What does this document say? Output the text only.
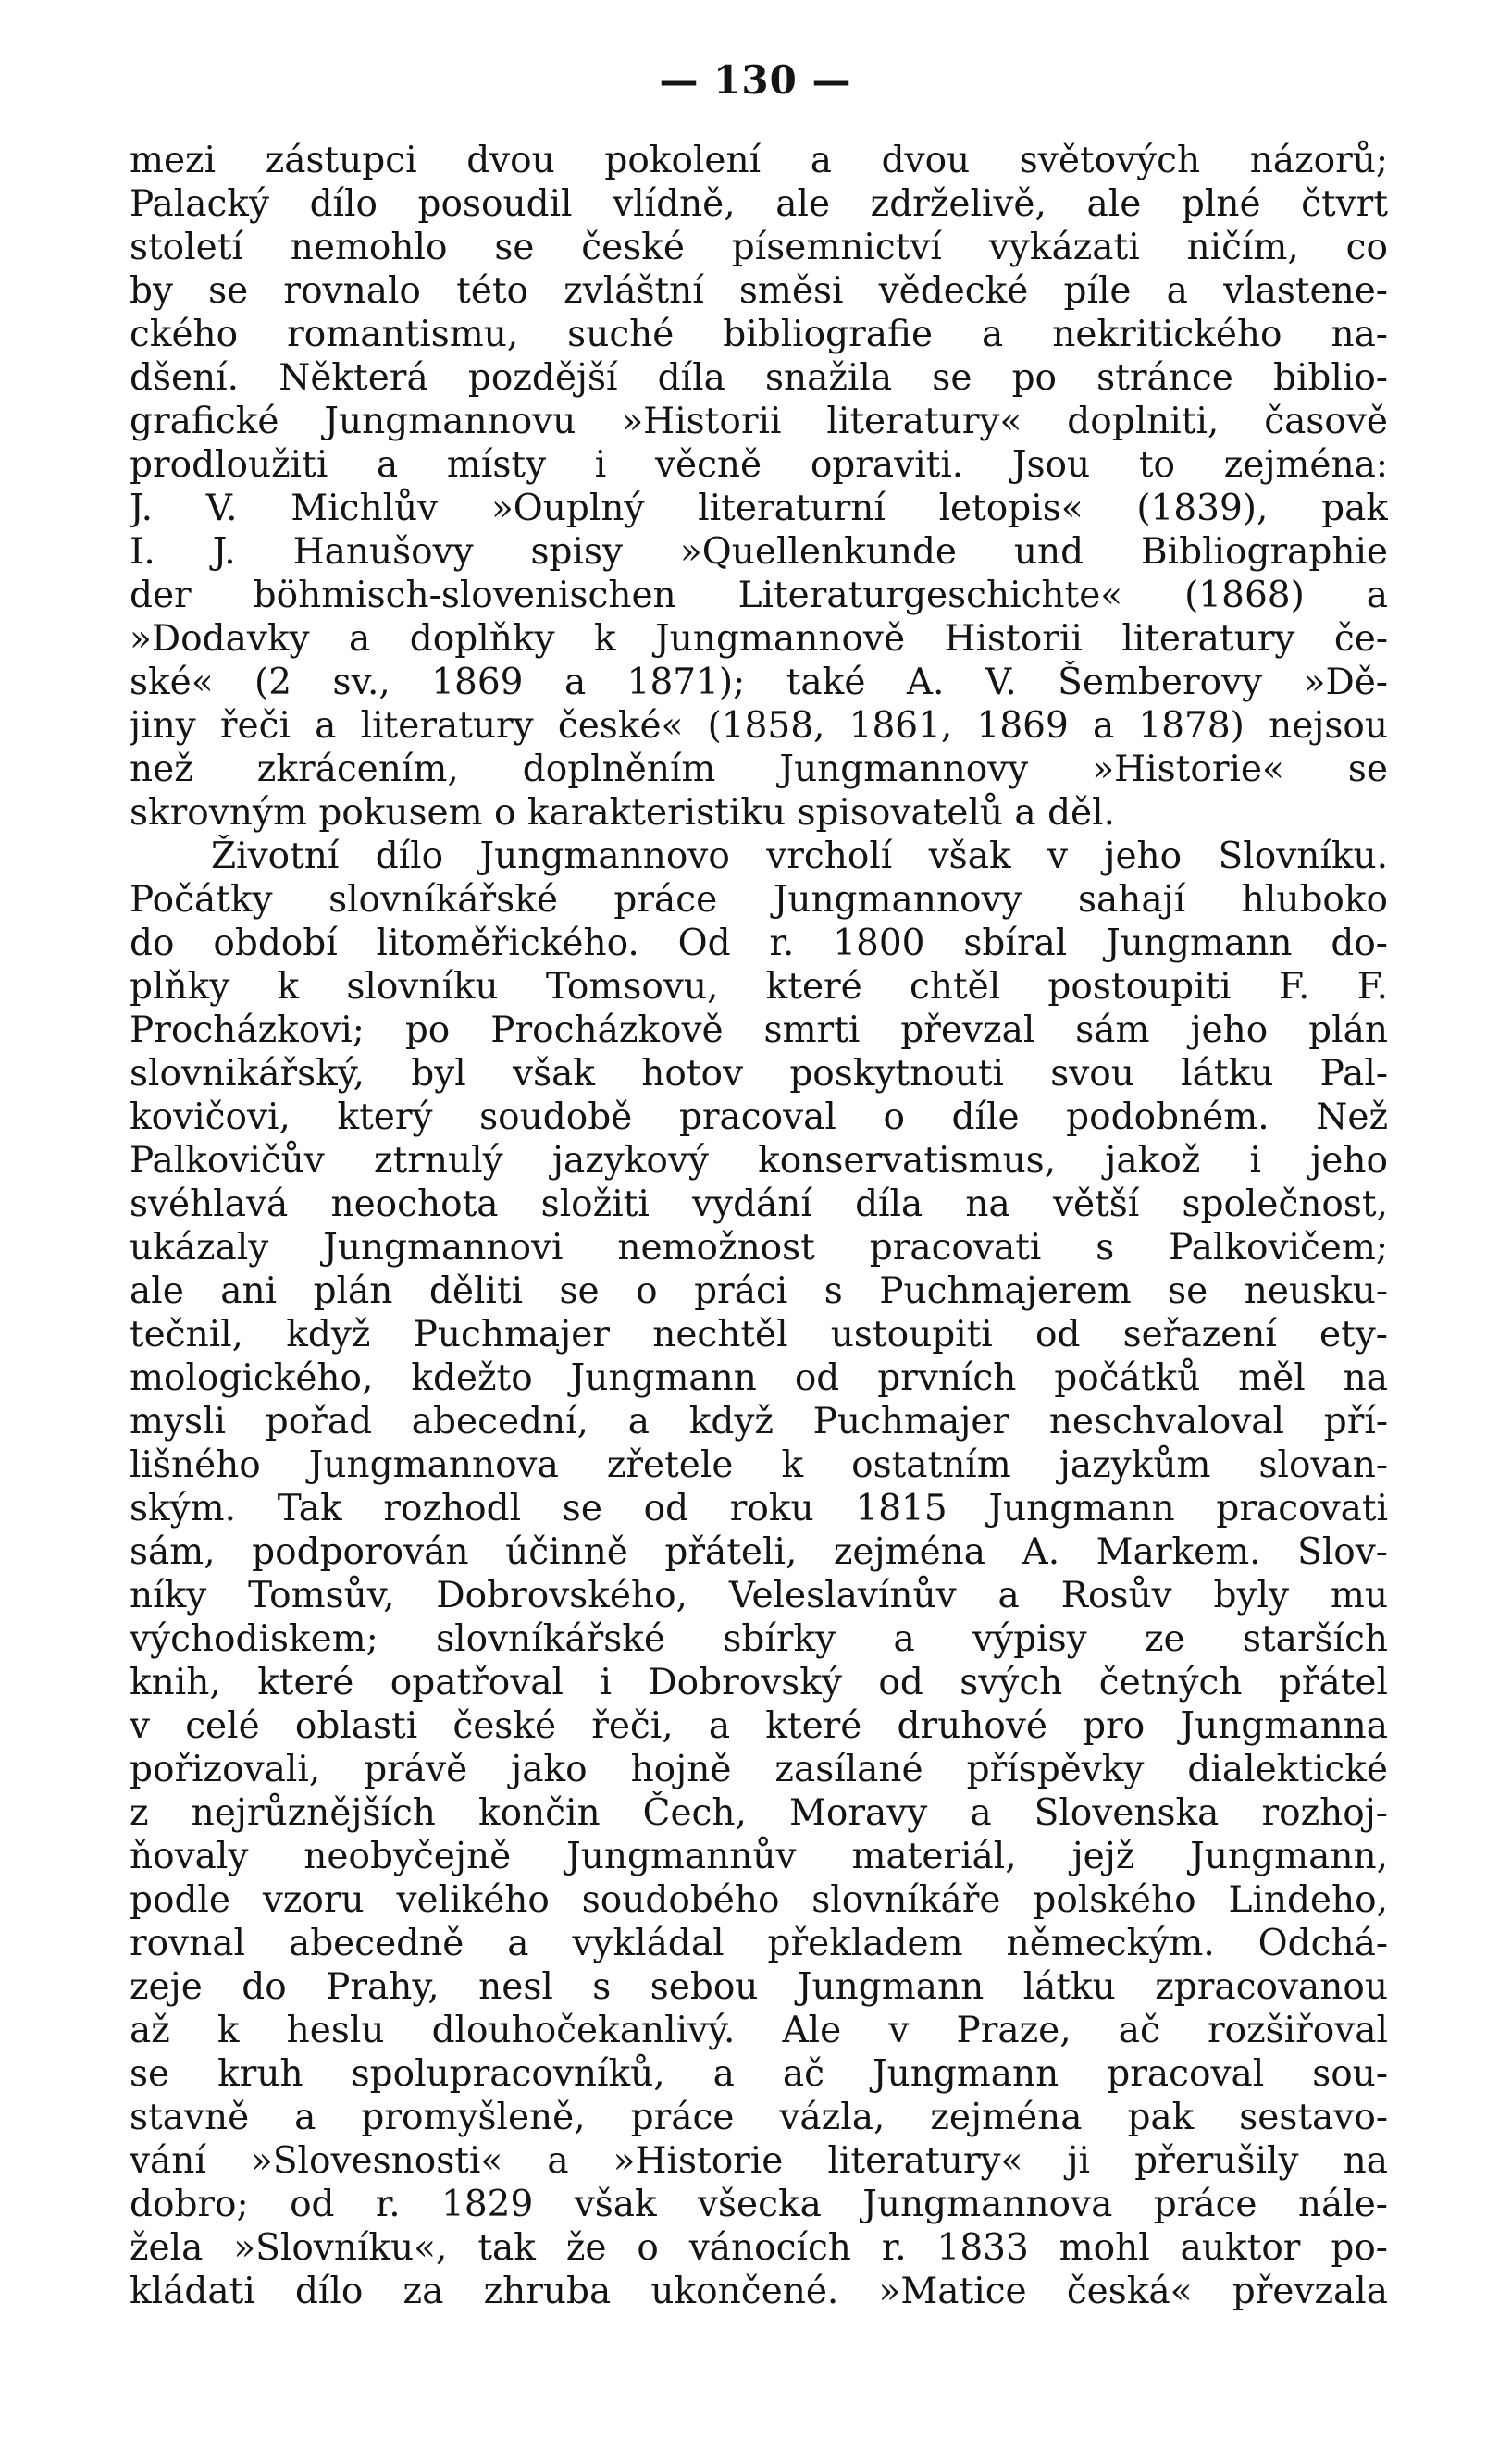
— 130 —
mezi zástupci dvou pokolení a dvou světových názorů;
Palacký dílo posoudil vlídně, ale zdrželivě, ale plné čtvrt
století nemohlo se české písemnictví vykázati ničím, co
by se rovnalo této zvláštní směsi vědecké píle a vlastene-
ckého romantismu, suché bibliografie a nekritického na-
dšení. Některá pozdější díla snažila se po stránce biblio-
grafické Jungmannovu »Historii literatury« doplniti, časově
prodloužiti a místy i věcně opraviti. Jsou to zejména:
J. V. Michlův »Ouplný literaturní letopis« (1839), pak
I. J. Hanušovy spisy »Quellenkunde und Bibliographie
der böhmisch-slovenischen Literaturgeschichte« (1868) a
»Dodavky a doplňky k Jungmannově Historii literatury če-
ské« (2 sv., 1869 a 1871); také A. V. Šemberovy »Dě-
jiny řeči a literatury české« (1858, 1861, 1869 a 1878) nejsou
než zkrácením, doplněním Jungmannovy »Historie« se
skrovným pokusem o karakteristiku spisovatelů a děl.
Životní dílo Jungmannovo vrcholí však v jeho Slovníku.
Počátky slovníkářské práce Jungmannovy sahají hluboko
do období litoměřického. Od r. 1800 sbíral Jungmann do-
plňky k slovníku Tomsovu, které chtěl postoupiti F. F.
Procházkovi; po Procházkově smrti převzal sám jeho plán
slovnikářský, byl však hotov poskytnouti svou látku Pal-
kovičovi, který soudobě pracoval o díle podobném. Než
Palkovičův ztrnulý jazykový konservatismus, jakož i jeho
svéhlavá neochota složiti vydání díla na větší společnost,
ukázaly Jungmannovi nemožnost pracovati s Palkovičem;
ale ani plán děliti se o práci s Puchmajerem se neusku-
tečnil, když Puchmajer nechtěl ustoupiti od seřazení ety-
mologického, kdežto Jungmann od prvních počátků měl na
mysli pořad abecední, a když Puchmajer neschvaloval pří-
lišného Jungmannova zřetele k ostatním jazykům slovan-
ským. Tak rozhodl se od roku 1815 Jungmann pracovati
sám, podporován účinně přáteli, zejména A. Markem. Slov-
níky Tomsův, Dobrovského, Veleslavínův a Rosův byly mu
východiskem; slovníkářské sbírky a výpisy ze starších
knih, které opatřoval i Dobrovský od svých četných přátel
v celé oblasti české řeči, a které druhové pro Jungmanna
pořizovali, právě jako hojně zasílané příspěvky dialektické
z nejrůznějších končin Čech, Moravy a Slovenska rozhoj-
ňovaly neobyčejně Jungmannův materiál, jejž Jungmann,
podle vzoru velikého soudobého slovníkáře polského Lindeho,
rovnal abecedně a vykládal překladem německým. Odchá-
zeje do Prahy, nesl s sebou Jungmann látku zpracovanou
až k heslu dlouhočekanlivý. Ale v Praze, ač rozšiřoval
se kruh spolupracovníků, a ač Jungmann pracoval sou-
stavně a promyšleně, práce vázla, zejména pak sestavo-
vání »Slovesnosti« a »Historie literatury« ji přerušily na
dobro; od r. 1829 však všecka Jungmannova práce nále-
žela »Slovníku«, tak že o vánocích r. 1833 mohl auktor po-
kládati dílo za zhruba ukončené. »Matice česká« převzala
